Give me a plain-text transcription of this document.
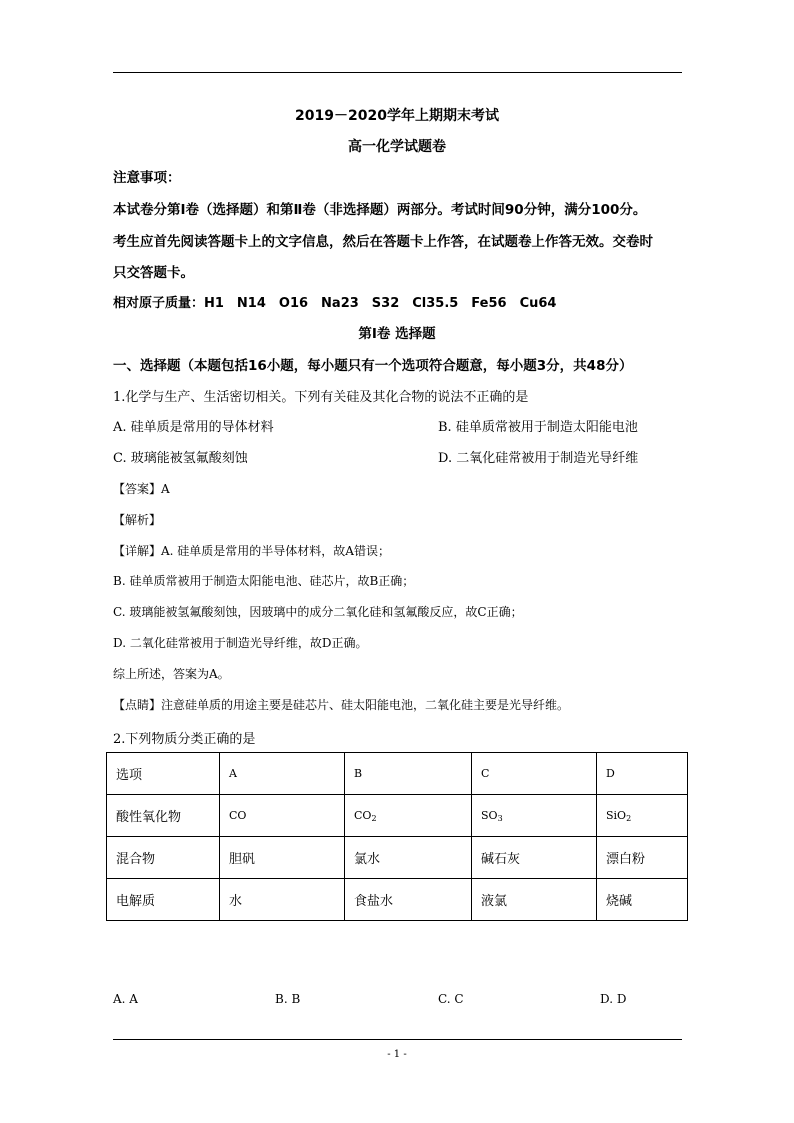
2019－2020学年上期期末考试
高一化学试题卷
注意事项：
本试卷分第Ⅰ卷（选择题）和第Ⅱ卷（非选择题）两部分。考试时间90分钟，满分100分。
考生应首先阅读答题卡上的文字信息，然后在答题卡上作答，在试题卷上作答无效。交卷时
只交答题卡。
相对原子质量：H1　N14　O16　Na23　S32　Cl35.5　Fe56　Cu64
第Ⅰ卷 选择题
一、选择题（本题包括16小题，每小题只有一个选项符合题意，每小题3分，共48分）
1.化学与生产、生活密切相关。下列有关硅及其化合物的说法不正确的是
A. 硅单质是常用的导体材料	B. 硅单质常被用于制造太阳能电池
C. 玻璃能被氢氟酸刻蚀	D. 二氧化硅常被用于制造光导纤维
【答案】A
【解析】
【详解】A. 硅单质是常用的半导体材料，故A错误；
B. 硅单质常被用于制造太阳能电池、硅芯片，故B正确；
C. 玻璃能被氢氟酸刻蚀，因玻璃中的成分二氧化硅和氢氟酸反应，故C正确；
D. 二氧化硅常被用于制造光导纤维，故D正确。
综上所述，答案为A。
【点睛】注意硅单质的用途主要是硅芯片、硅太阳能电池，二氧化硅主要是光导纤维。
2.下列物质分类正确的是
选项	A	B	C	D
酸性氧化物	CO	$CO_2$	$SO_3$	SiO$_2$
混合物	胆矾	氯水	碱石灰	漂白粉
电解质	水	食盐水	液氯	烧碱
A. A	B. B	C. C	D. D
- 1 -
